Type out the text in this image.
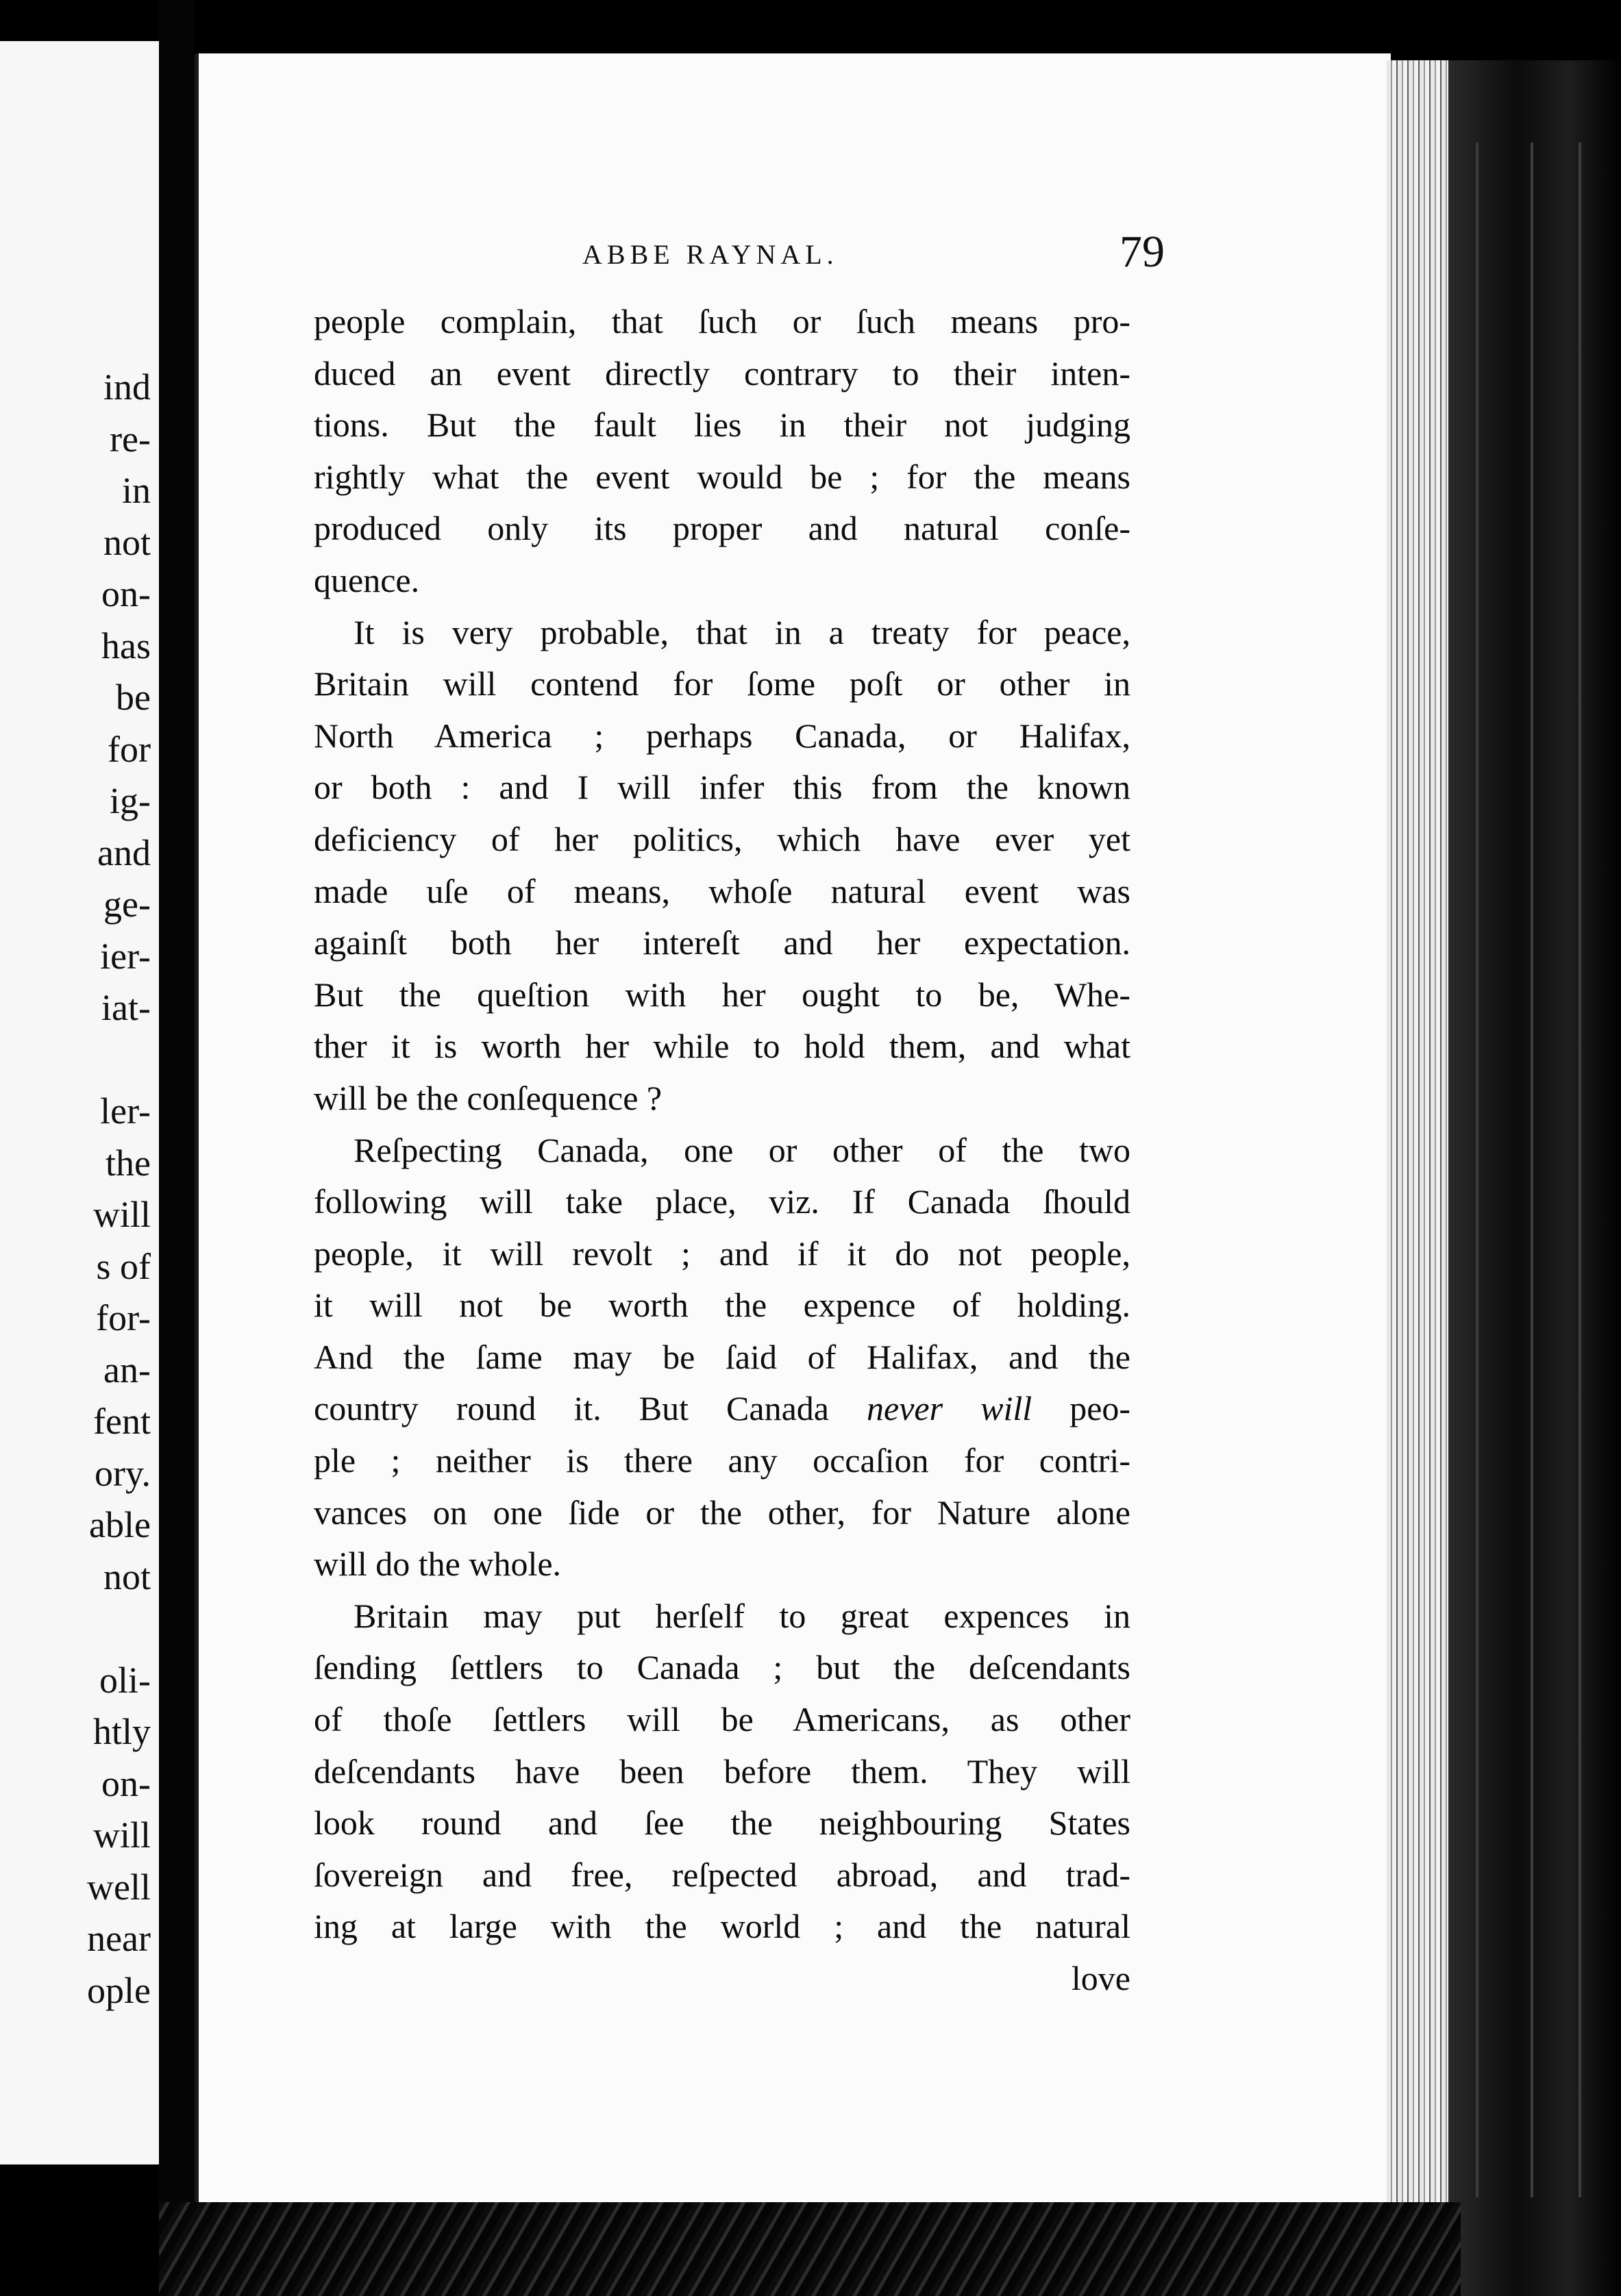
ind
re-
in
not
on-
has
be
for
ig-
and
ge-
ier-
iat-
ler-
the
will
s of
for-
an-
fent
ory.
able
not
oli-
htly
on-
will
well
near
ople
ABBE RAYNAL.	79
people complain, that ſuch or ſuch means pro-
duced an event directly contrary to their inten-
tions. But the fault lies in their not judging
rightly what the event would be ; for the means
produced only its proper and natural conſe-
quence.
It is very probable, that in a treaty for peace,
Britain will contend for ſome poſt or other in
North America ; perhaps Canada, or Halifax,
or both : and I will infer this from the known
deficiency of her politics, which have ever yet
made uſe of means, whoſe natural event was
againſt both her intereſt and her expectation.
But the queſtion with her ought to be, Whe-
ther it is worth her while to hold them, and what
will be the conſequence ?
Reſpecting Canada, one or other of the two
following will take place, viz. If Canada ſhould
people, it will revolt ; and if it do not people,
it will not be worth the expence of holding.
And the ſame may be ſaid of Halifax, and the
country round it. But Canada never will peo-
ple ; neither is there any occaſion for contri-
vances on one ſide or the other, for Nature alone
will do the whole.
Britain may put herſelf to great expences in
ſending ſettlers to Canada ; but the deſcendants
of thoſe ſettlers will be Americans, as other
deſcendants have been before them. They will
look round and ſee the neighbouring States
ſovereign and free, reſpected abroad, and trad-
ing at large with the world ; and the natural
love
